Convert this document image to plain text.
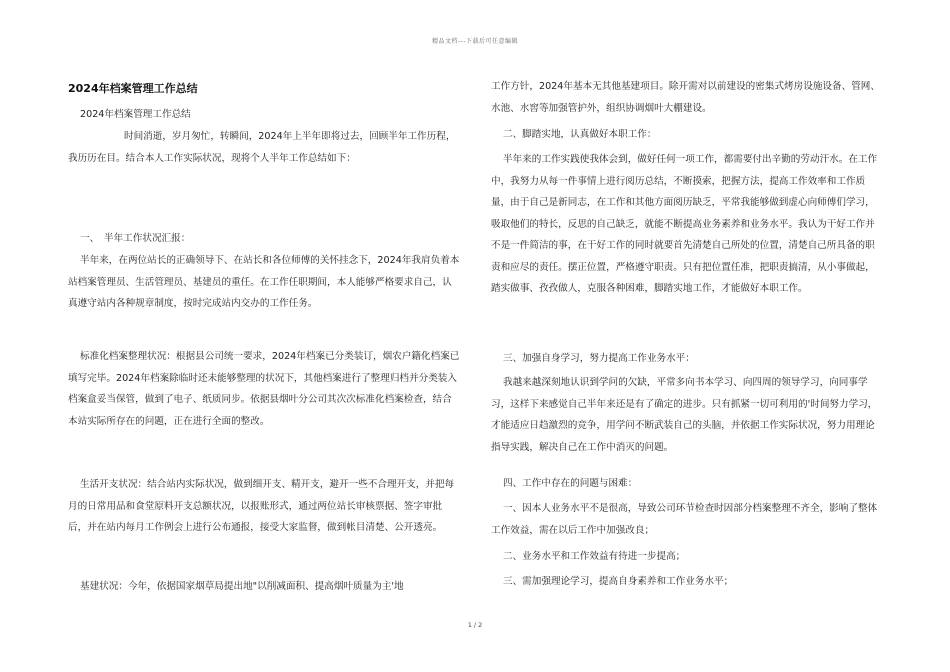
精品文档---下载后可任意编辑
2024年档案管理工作总结
2024年档案管理工作总结
时间消逝，岁月匆忙，转瞬间，2024年上半年即将过去，回顾半年工作历程，我历历在目。结合本人工作实际状况，现将个人半年工作总结如下：
一、　半年工作状况汇报：
半年来，在两位站长的正确领导下、在站长和各位师傅的关怀挂念下，2024年我肩负着本站档案管理员、生活管理员、基建员的重任。在工作任职期间，本人能够严格要求自己，认真遵守站内各种规章制度，按时完成站内交办的工作任务。
标准化档案整理状况：根据县公司统一要求，2024年档案已分类装订，烟农户籍化档案已填写完毕。2024年档案除临时还未能够整理的状况下，其他档案进行了整理归档并分类装入档案盒妥当保管，做到了电子、纸质同步。依据县烟叶分公司其次次标准化档案检查，结合本站实际所存在的问题，正在进行全面的整改。
生活开支状况：结合站内实际状况，做到细开支、精开支，避开一些不合理开支，并把每月的日常用品和食堂原料开支总额状况，以报账形式，通过两位站长审核票据、签字审批后，并在站内每月工作例会上进行公布通报，接受大家监督，做到帐目清楚、公开透亮。
基建状况：今年，依据国家烟草局提出地"以削减面积、提高烟叶质量为主'地
工作方针，2024年基本无其他基建项目。除开需对以前建设的密集式烤房设施设备、管网、水池、水窖等加强管护外，组织协调烟叶大棚建设。
二、脚踏实地，认真做好本职工作：
半年来的工作实践使我体会到，做好任何一项工作，都需要付出辛勤的劳动汗水。在工作中，我努力从每一件事情上进行阅历总结，不断摸索，把握方法，提高工作效率和工作质量，由于自己是新同志，在工作和其他方面阅历缺乏，平常我能够做到虚心向师傅们学习，吸取他们的特长，反思的自己缺乏，就能不断提高业务素养和业务水平。我认为干好工作并不是一件简洁的事，在干好工作的同时就要首先清楚自己所处的位置，清楚自己所具备的职责和应尽的责任。摆正位置，严格遵守职责。只有把位置任准，把职责搞清，从小事做起，踏实做事、孜孜做人，克服各种困难，脚踏实地工作，才能做好本职工作。
三、加强自身学习，努力提高工作业务水平：
我越来越深刻地认识到学问的欠缺，平常多向书本学习、向四周的领导学习，向同事学习，这样下来感觉自己半年来还是有了确定的进步。只有抓紧一切可利用的'时间努力学习，才能适应日趋激烈的竞争，用学问不断武装自己的头脑，并依据工作实际状况，努力用理论指导实践，解决自己在工作中消灭的问题。
四、工作中存在的问题与困难：
一、因本人业务水平不是很高，导致公司环节检查时因部分档案整理不齐全，影响了整体工作效益，需在以后工作中加强改良；
二、业务水平和工作效益有待进一步提高；
三、需加强理论学习，提高自身素养和工作业务水平；
1 / 2
